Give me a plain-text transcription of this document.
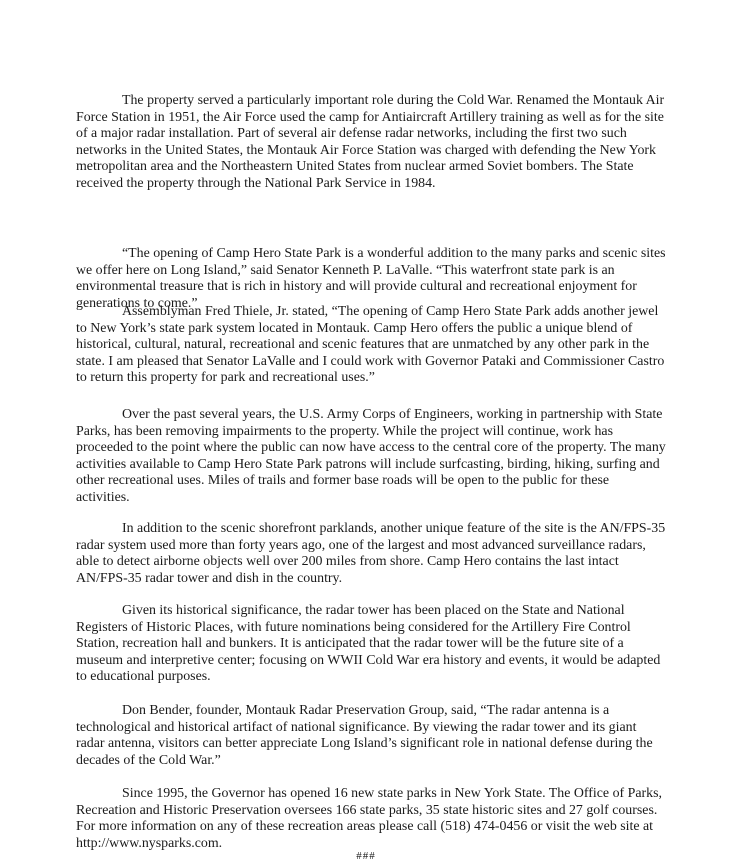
The property served a particularly important role during the Cold War. Renamed the Montauk Air Force Station in 1951, the Air Force used the camp for Antiaircraft Artillery training as well as for the site of a major radar installation. Part of several air defense radar networks, including the first two such networks in the United States, the Montauk Air Force Station was charged with defending the New York metropolitan area and the Northeastern United States from nuclear armed Soviet bombers. The State received the property through the National Park Service in 1984.

“The opening of Camp Hero State Park is a wonderful addition to the many parks and scenic sites we offer here on Long Island,” said Senator Kenneth P. LaValle. “This waterfront state park is an environmental treasure that is rich in history and will provide cultural and recreational enjoyment for generations to come.”

Assemblyman Fred Thiele, Jr. stated, “The opening of Camp Hero State Park adds another jewel to New York’s state park system located in Montauk. Camp Hero offers the public a unique blend of historical, cultural, natural, recreational and scenic features that are unmatched by any other park in the state. I am pleased that Senator LaValle and I could work with Governor Pataki and Commissioner Castro to return this property for park and recreational uses.”

Over the past several years, the U.S. Army Corps of Engineers, working in partnership with State Parks, has been removing impairments to the property. While the project will continue, work has proceeded to the point where the public can now have access to the central core of the property. The many activities available to Camp Hero State Park patrons will include surfcasting, birding, hiking, surfing and other recreational uses. Miles of trails and former base roads will be open to the public for these activities.

In addition to the scenic shorefront parklands, another unique feature of the site is the AN/FPS-35 radar system used more than forty years ago, one of the largest and most advanced surveillance radars, able to detect airborne objects well over 200 miles from shore. Camp Hero contains the last intact AN/FPS-35 radar tower and dish in the country.

Given its historical significance, the radar tower has been placed on the State and National Registers of Historic Places, with future nominations being considered for the Artillery Fire Control Station, recreation hall and bunkers. It is anticipated that the radar tower will be the future site of a museum and interpretive center; focusing on WWII Cold War era history and events, it would be adapted to educational purposes.

Don Bender, founder, Montauk Radar Preservation Group, said, “The radar antenna is a technological and historical artifact of national significance. By viewing the radar tower and its giant radar antenna, visitors can better appreciate Long Island’s significant role in national defense during the decades of the Cold War.”

Since 1995, the Governor has opened 16 new state parks in New York State. The Office of Parks, Recreation and Historic Preservation oversees 166 state parks, 35 state historic sites and 27 golf courses. For more information on any of these recreation areas please call (518) 474-0456 or visit the web site at http://www.nysparks.com.

###
